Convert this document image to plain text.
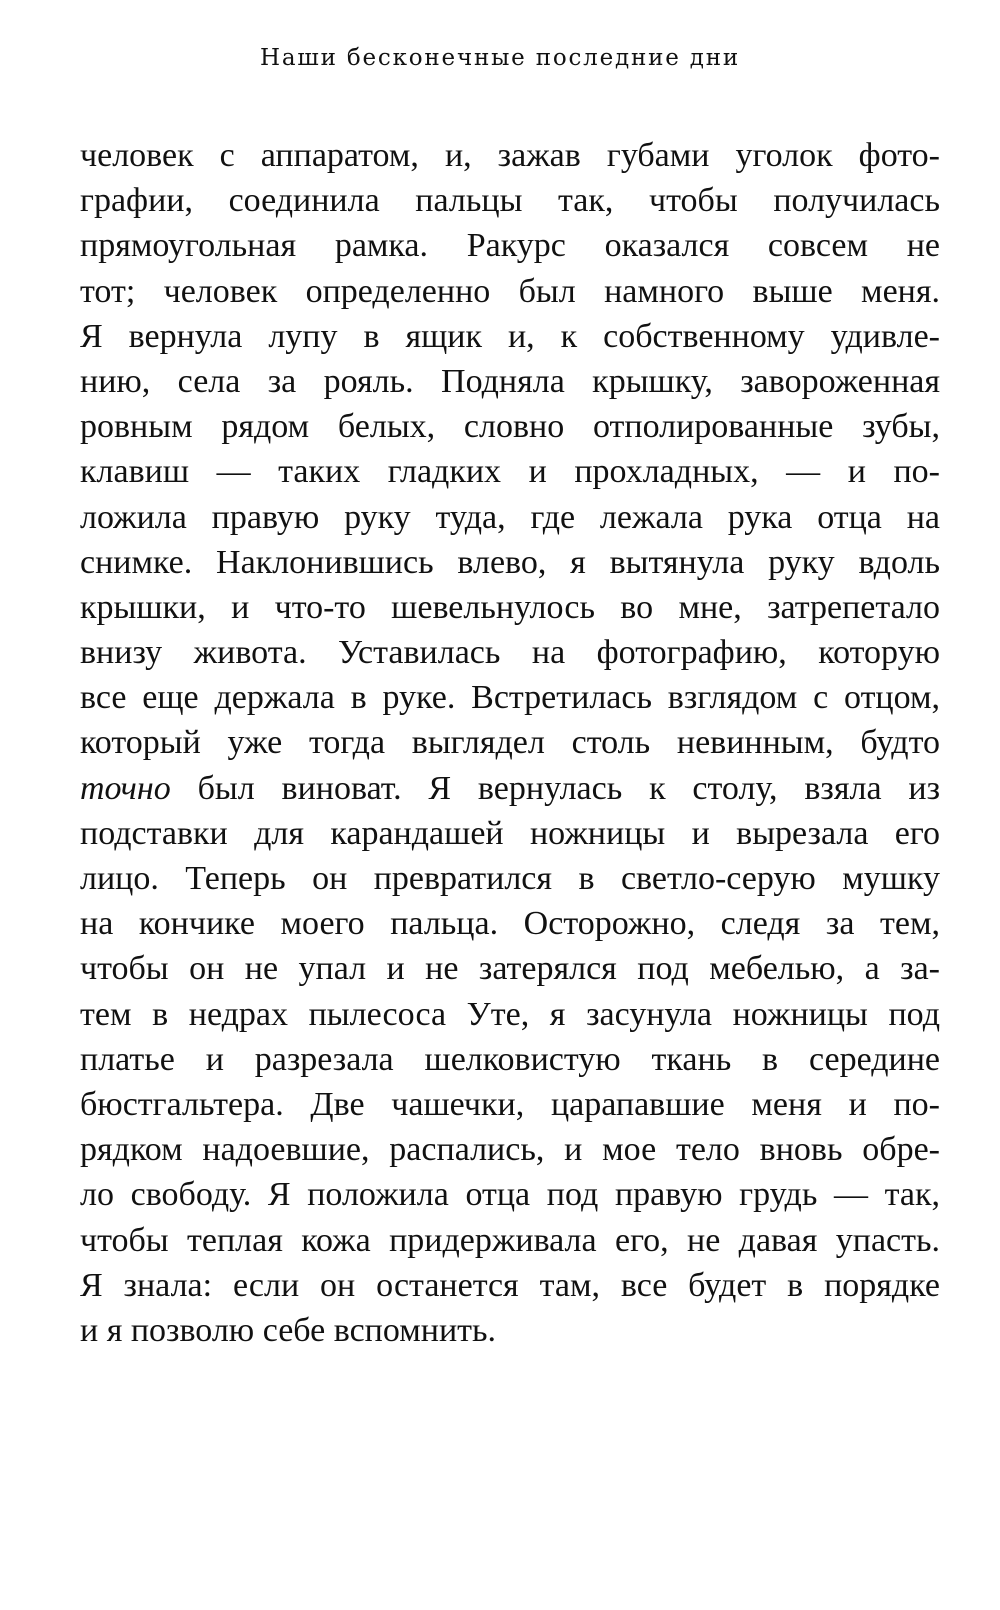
Наши бесконечные последние дни
человек с аппаратом, и, зажав губами уголок фото-
графии, соединила пальцы так, чтобы получилась
прямоугольная рамка. Ракурс оказался совсем не
тот; человек определенно был намного выше меня.
Я вернула лупу в ящик и, к собственному удивле-
нию, села за рояль. Подняла крышку, завороженная
ровным рядом белых, словно отполированные зубы,
клавиш — таких гладких и прохладных, — и по-
ложила правую руку туда, где лежала рука отца на
снимке. Наклонившись влево, я вытянула руку вдоль
крышки, и что-то шевельнулось во мне, затрепетало
внизу живота. Уставилась на фотографию, которую
все еще держала в руке. Встретилась взглядом с отцом,
который уже тогда выглядел столь невинным, будто
точно был виноват. Я вернулась к столу, взяла из
подставки для карандашей ножницы и вырезала его
лицо. Теперь он превратился в светло-серую мушку
на кончике моего пальца. Осторожно, следя за тем,
чтобы он не упал и не затерялся под мебелью, а за-
тем в недрах пылесоса Уте, я засунула ножницы под
платье и разрезала шелковистую ткань в середине
бюстгальтера. Две чашечки, царапавшие меня и по-
рядком надоевшие, распались, и мое тело вновь обре-
ло свободу. Я положила отца под правую грудь — так,
чтобы теплая кожа придерживала его, не давая упасть.
Я знала: если он останется там, все будет в порядке
и я позволю себе вспомнить.
